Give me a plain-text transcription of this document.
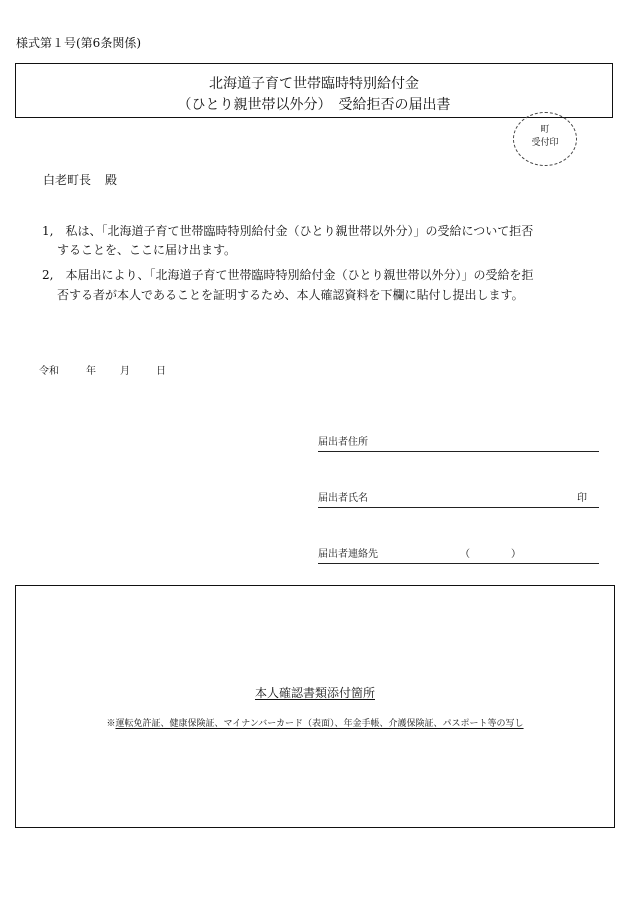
様式第１号(第6条関係)
北海道子育て世帯臨時特別給付金
（ひとり親世帯以外分）　受給拒否の届出書
町
受付印
白老町長 殿
1,　私は、「北海道子育て世帯臨時特別給付金（ひとり親世帯以外分）」の受給について拒否
することを、ここに届け出ます。
2,　本届出により、「北海道子育て世帯臨時特別給付金（ひとり親世帯以外分）」の受給を拒
否する者が本人であることを証明するため、本人確認資料を下欄に貼付し提出します。
令和	年 月	日
届出者住所
届出者氏名	印
届出者連絡先	（	）
本人確認書類添付箇所
※運転免許証、健康保険証、マイナンバーカード（表面）、年金手帳、介護保険証、パスポート等の写し
